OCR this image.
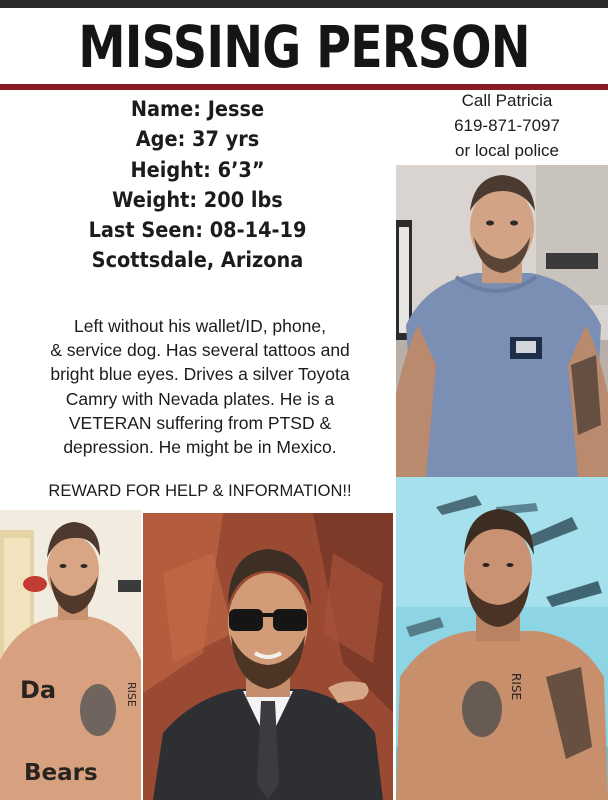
MISSING PERSON
Name: Jesse
Age: 37 yrs
Height: 6’3”
Weight: 200 lbs
Last Seen: 08-14-19
Scottsdale, Arizona
Call Patricia
619-871-7097
or local police
Left without his wallet/ID, phone,
& service dog. Has several tattoos and
bright blue eyes. Drives a silver Toyota
Camry with Nevada plates. He is a
VETERAN suffering from PTSD &
depression. He might be in Mexico.
REWARD FOR HELP & INFORMATION!!
Da	RISE
Bears
RISE
